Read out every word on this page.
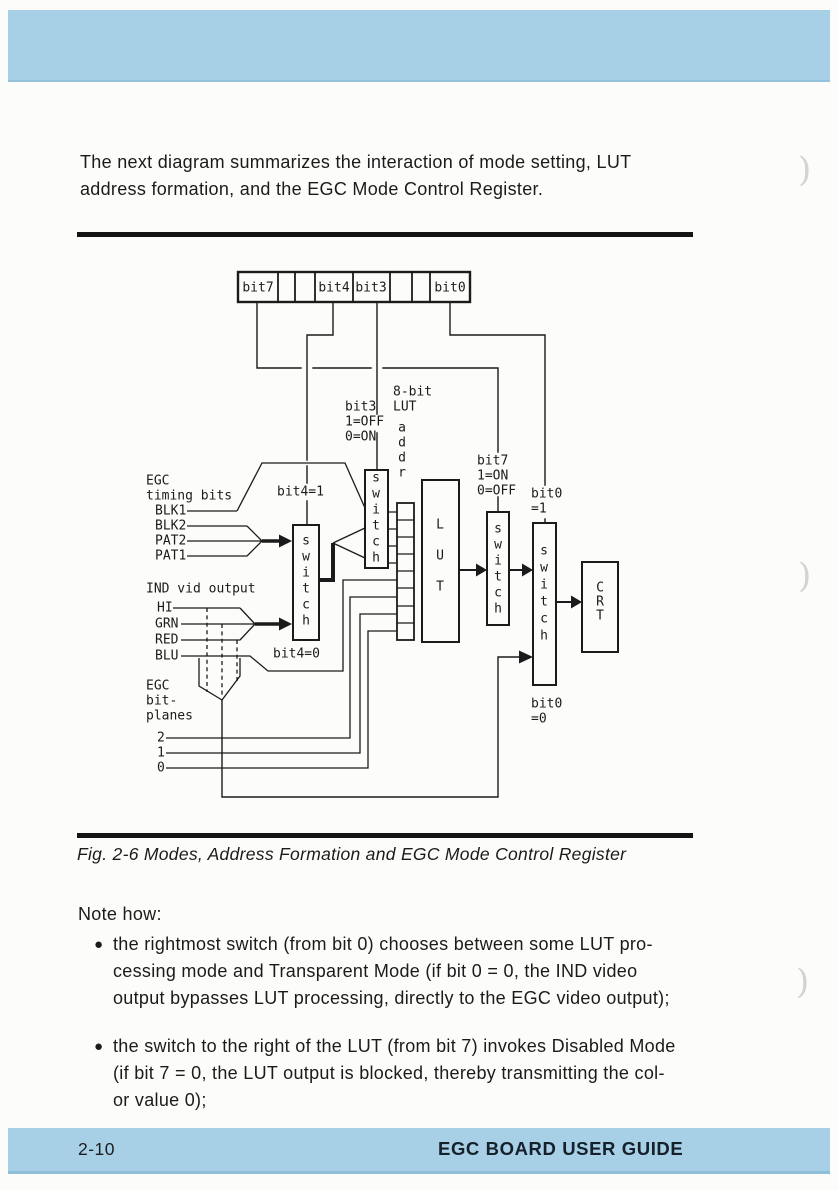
The next diagram summarizes the interaction of mode setting, LUT
address formation, and the EGC Mode Control Register.
bit7	bit4 bit3	bit0
s
w
i
t
c
h
s
w
i
t
c
h
s
w
i
t
c
h
s
w
i
t
c
h
L
U
T	C
R
T
8-bit
LUT
a
d
d
r
bit3
1=OFF
0=ON
bit7
1=ON
0=OFF bit0
=1
bit0
=0
bit4=1
bit4=0
EGC
timing bits
BLK1
BLK2
PAT2
PAT1
IND vid output
HI
GRN
RED
BLU
EGC
bit-
planes
2
1
0
Fig. 2-6 Modes, Address Formation and EGC Mode Control Register
Note how:
● the rightmost switch (from bit 0) chooses between some LUT pro-
cessing mode and Transparent Mode (if bit 0 = 0, the IND video
output bypasses LUT processing, directly to the EGC video output);
● the switch to the right of the LUT (from bit 7) invokes Disabled Mode
(if bit 7 = 0, the LUT output is blocked, thereby transmitting the col-
or value 0);
2-10	EGC BOARD USER GUIDE
)
)
)
